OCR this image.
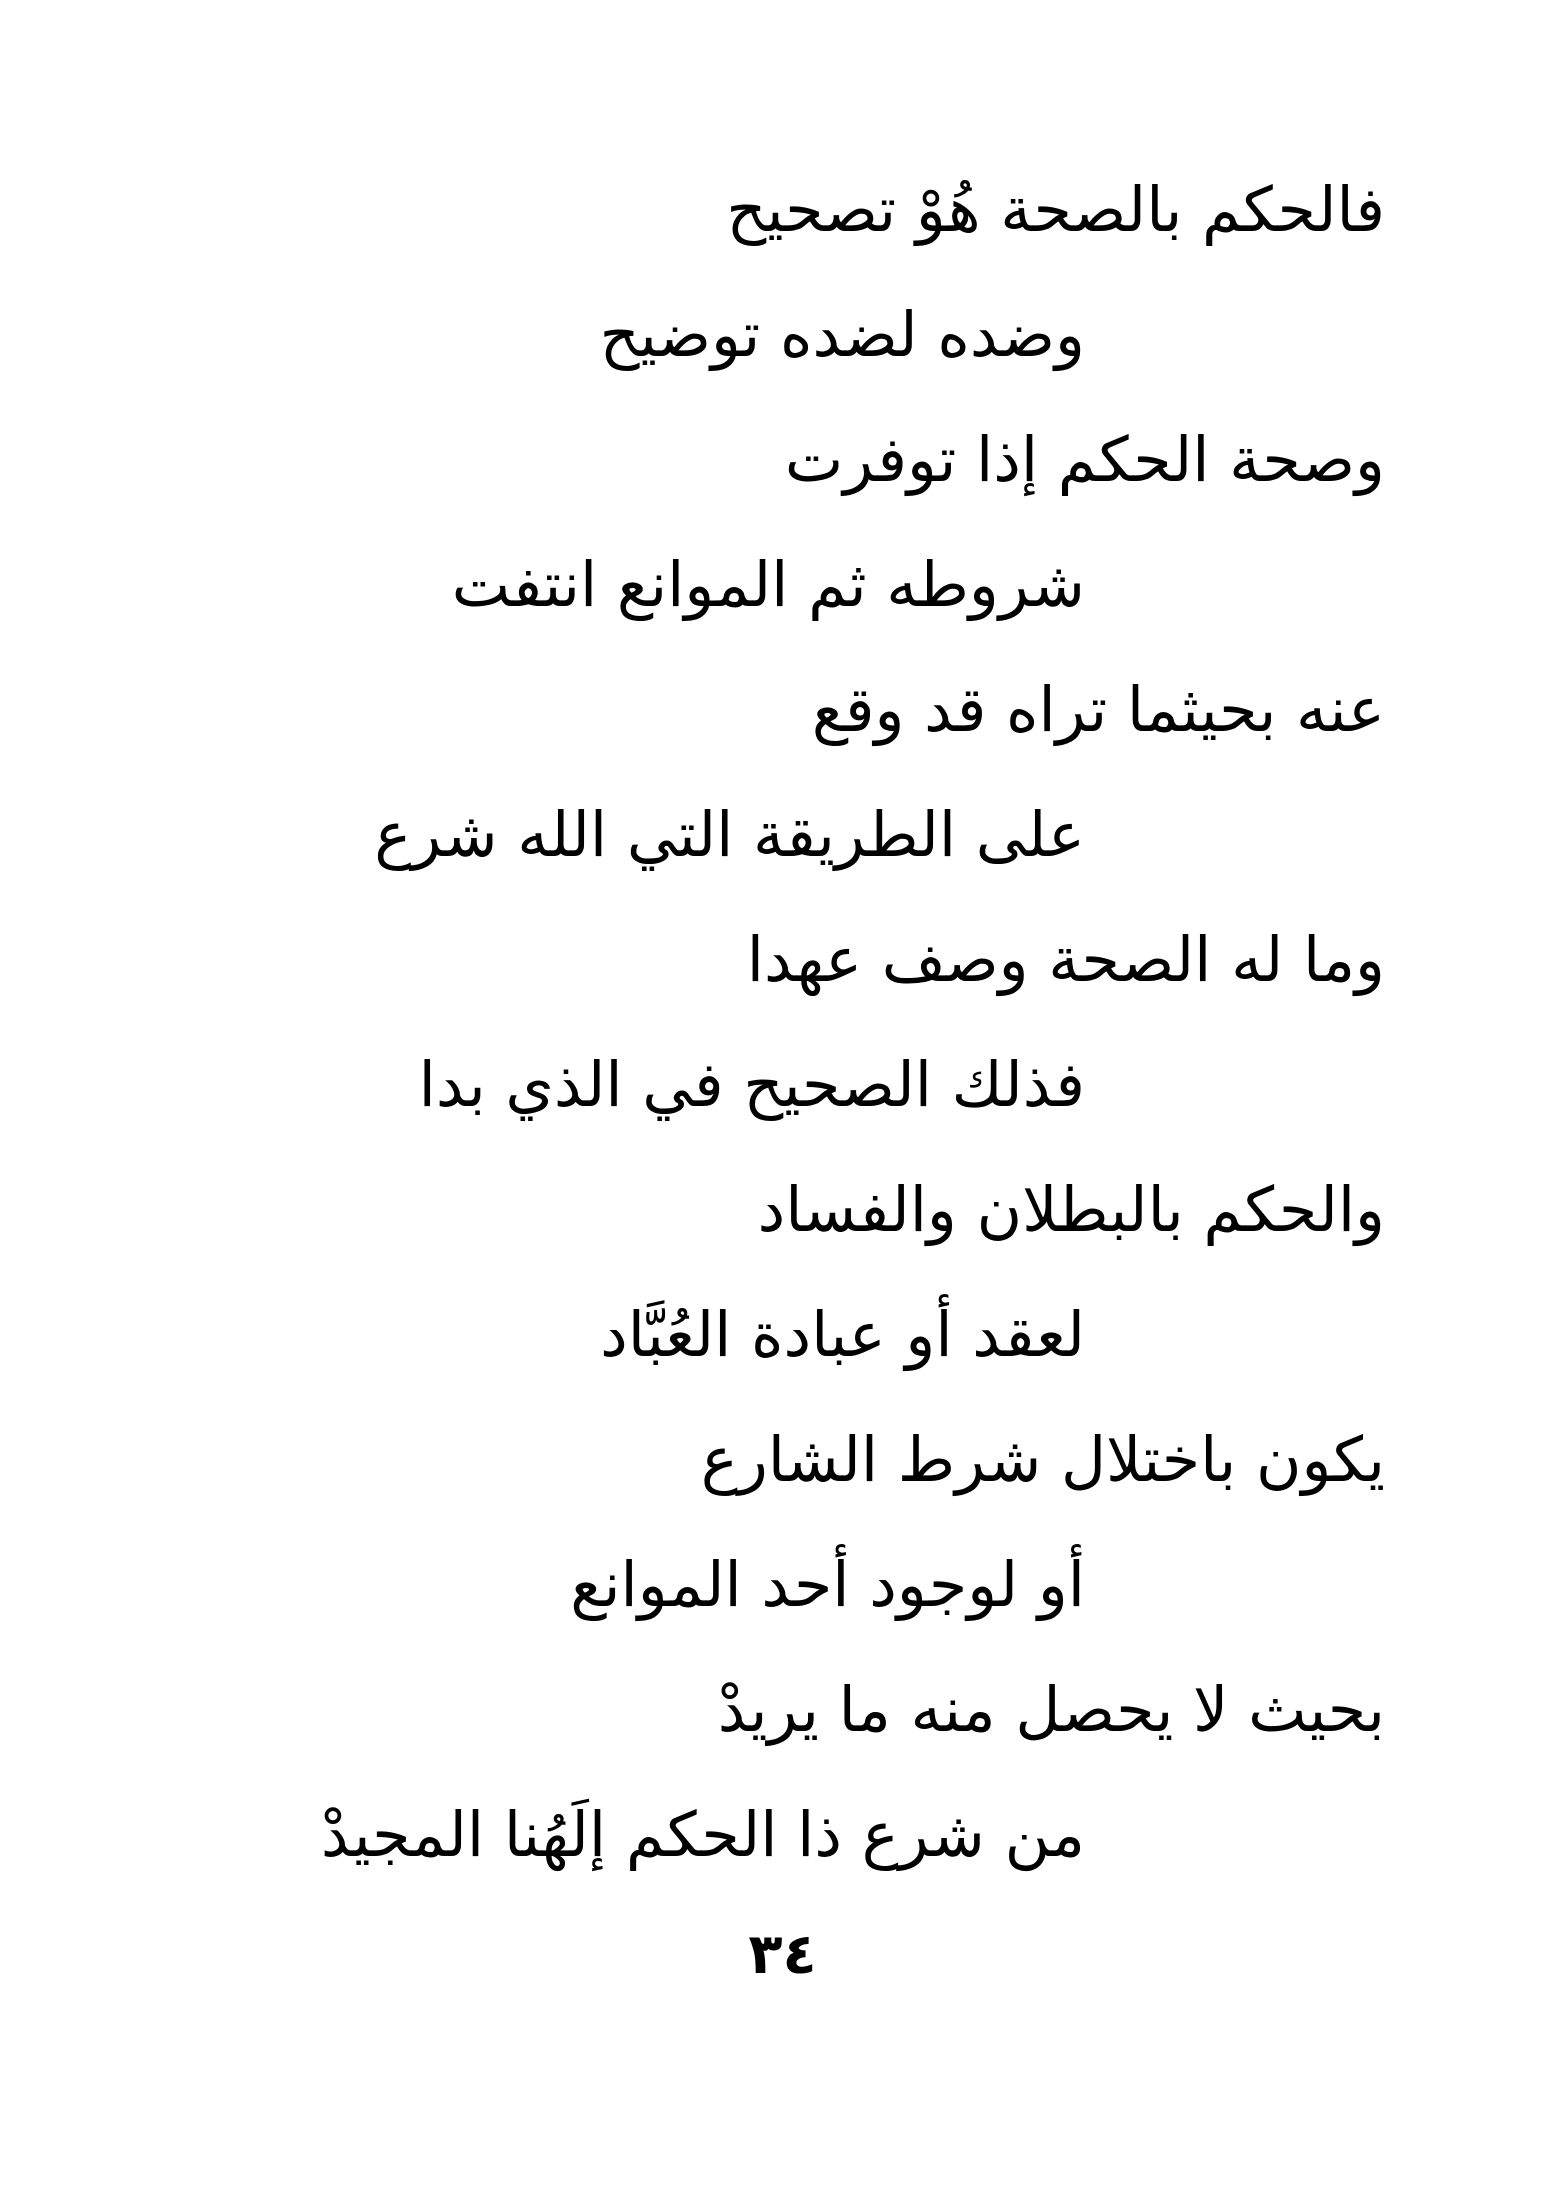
فالحكم بالصحة هُوْ تصحيح
وضده لضده توضيح
وصحة الحكم إذا توفرت
شروطه ثم الموانع انتفت
عنه بحيثما تراه قد وقع
على الطريقة التي الله شرع
وما له الصحة وصف عهدا
فذلك الصحيح في الذي بدا
والحكم بالبطلان والفساد
لعقد أو عبادة العُبَّاد
يكون باختلال شرط الشارع
أو لوجود أحد الموانع
بحيث لا يحصل منه ما يريدْ
من شرع ذا الحكم إلَهُنا المجيدْ
٣٤
